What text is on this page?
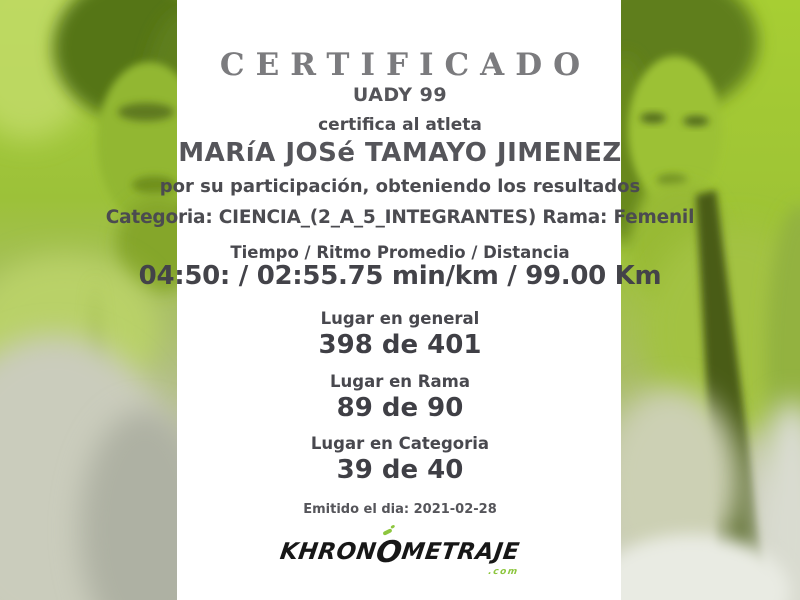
CERTIFICADO
UADY 99
certifica al atleta
MARíA JOSé TAMAYO JIMENEZ
por su participación, obteniendo los resultados
Categoria: CIENCIA_(2_A_5_INTEGRANTES) Rama: Femenil
Tiempo / Ritmo Promedio / Distancia
04:50: / 02:55.75 min/km / 99.00 Km
Lugar en general
398 de 401
Lugar en Rama
89 de 90
Lugar en Categoria
39 de 40
Emitido el dia: 2021-02-28
KHRON
OMETRAJE
.com
